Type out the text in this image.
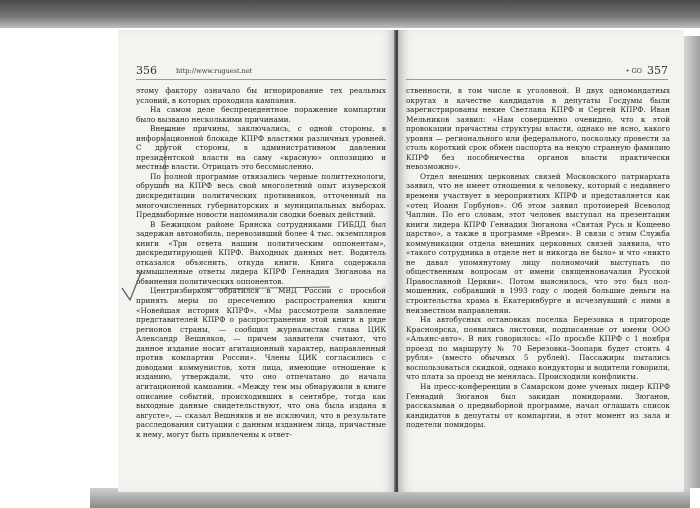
356	http://www.ruguest.net

этому фактору означало бы игнорирование тех реальных условий, в которых проходила кампания.

На самом деле беспрецедентное поражение компартии было вызвано несколькими причинами.

Внешние причины, заключались, с одной стороны, в информационной блокаде КПРФ властями различных уровней. С другой стороны, в административном давлении президентской власти на саму «красную» оппозицию и местные власти. Отрицать это бессмысленно.

По полной программе отвязались черные политтехнологи, обрушив на КПРФ весь свой многолетний опыт изуверской дискредитации политических противников, отточенный на многочисленных губернаторских и муниципальных выборах. Предвыборные новости напоминали сводки боевых действий.

В Бежицком районе Брянска сотрудниками ГИБДД был задержан автомобиль, перевозивший более 4 тыс. экземпляров книги «Три ответа нашим политическим оппонентам», дискредитирующей КПРФ. Выходных данных нет. Водитель отказался объяснить, откуда книги. Книга содержала вымышленные ответы лидера КПРФ Геннадия Зюганова на обвинения политических оппонентов.

Центризбирком обратился в МВД России с просьбой принять меры по пресечению распространения книги «Новейшая история КПРФ». «Мы рассмотрели заявление представителей КПРФ о распространении этой книги в ряде регионов страны, — сообщил журналистам глава ЦИК Александр Вешняков, — причем заявители считают, что данное издание носит агитационный характер, направленный против компартии России». Члены ЦИК согласились с доводами коммунистов, хотя лица, имеющие отношение к изданию, утверждали, что оно отпечатано до начала агитационной кампании. «Между тем мы обнаружили в книге описание событий, происходивших в сентябре, тогда как выходные данные свидетельствуют, что она была издана в августе», — сказал Вешняков и не исключил, что в результате расследования ситуации с данным изданием лица, причастные к нему, могут быть привлечены к ответ-

• GO 357

ственности, в том числе к уголовной. В двух одномандатных округах в качестве кандидатов в депутаты Госдумы были зарегистрированы некие Светлана КПРФ и Сергей КПРФ. Иван Мельников заявил: «Нам совершенно очевидно, что к этой провокации причастны структуры власти, однако не ясно, какого уровня — регионального или федерального, поскольку провести за столь короткий срок обмен паспорта на некую странную фамилию КПРФ без пособничества органов власти практически невозможно».

Отдел внешних церковных связей Московского патриархата заявил, что не имеет отношения к человеку, который с недавнего времени участвует в мероприятиях КПРФ и представляется как «отец Иоанн Горбунов». Об этом заявил протоиерей Всеволод Чаплин. По его словам, этот человек выступал на презентации книги лидера КПРФ Геннадия Зюганова «Святая Русь и Кощеево царство», а также в программе «Время». В связи с этим Служба коммуникации отдела внешних церковных связей заявила, что «такого сотрудника в отделе нет и никогда не было» и что «никто не давал упомянутому лицу полномочий выступать по общественным вопросам от имени священноначалия Русской Православной Церкви». Потом выяснилось, что это был пол-мошенник, собравший в 1993 году с людей большие деньги на строительства храма в Екатеринбурге и исчезнувший с ними в неизвестном направлении.

На автобусных остановках поселка Березовка в пригороде Красноярска, появились листовки, подписанные от имени ООО «Альянс-авто». В них говорилось: «По просьбе КПРФ с 1 ноября проезд по маршруту № 70 Березовка–Зоопарк будет стоить 4 рубля» (вместо обычных 5 рублей). Пассажиры пытались воспользоваться скидкой, однако кондукторы и водители говорили, что плата за проезд не менялась. Происходили конфликты.

На пресс-конференции в Самарском доме ученых лидер КПРФ Геннадий Зюганов был закидан помидорами. Зюганов, рассказывая о предвыборной программе, начал оглашать список кандидатов в депутаты от компартии, в этот момент из зала и подетели помидоры.
